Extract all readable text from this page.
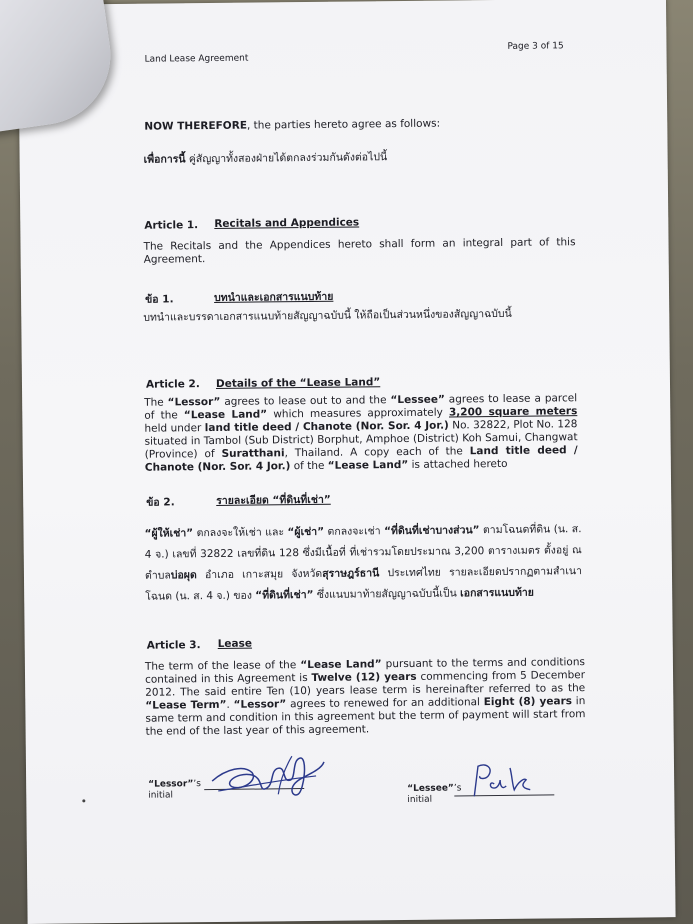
Land Lease Agreement
Page 3 of 15
NOW THEREFORE, the parties hereto agree as follows:
เพื่อการนี้ คู่สัญญาทั้งสองฝ่ายได้ตกลงร่วมกันดังต่อไปนี้
Article 1. Recitals and Appendices
The Recitals and the Appendices hereto shall form an integral part of this Agreement.
ข้อ 1.	บทนำและเอกสารแนบท้าย
บทนำและบรรดาเอกสารแนบท้ายสัญญาฉบับนี้ ให้ถือเป็นส่วนหนึ่งของสัญญาฉบับนี้
Article 2. Details of the “Lease Land”
The “Lessor” agrees to lease out to and the “Lessee” agrees to lease a parcel of the “Lease Land” which measures approximately 3,200 square meters held under land title deed / Chanote (Nor. Sor. 4 Jor.) No. 32822, Plot No. 128 situated in Tambol (Sub District) Borphut, Amphoe (District) Koh Samui, Changwat (Province) of Suratthani, Thailand. A copy each of the Land title deed / Chanote (Nor. Sor. 4 Jor.) of the “Lease Land” is attached hereto
ข้อ 2.	รายละเอียด “ที่ดินที่เช่า”
“ผู้ให้เช่า” ตกลงจะให้เช่า และ “ผู้เช่า” ตกลงจะเช่า “ที่ดินที่เช่าบางส่วน” ตามโฉนดที่ดิน (น. ส. 4 จ.) เลขที่ 32822 เลขที่ดิน 128 ซึ่งมีเนื้อที่ ที่เช่ารวมโดยประมาณ 3,200 ตารางเมตร ตั้งอยู่ ณ ตำบลบ่อผุด อำเภอ เกาะสมุย จังหวัดสุราษฎร์ธานี ประเทศไทย รายละเอียดปรากฏตามสำเนาโฉนด (น. ส. 4 จ.) ของ “ที่ดินที่เช่า” ซึ่งแนบมาท้ายสัญญาฉบับนี้เป็น เอกสารแนบท้าย
Article 3. Lease
The term of the lease of the “Lease Land” pursuant to the terms and conditions contained in this Agreement is Twelve (12) years commencing from 5 December 2012. The said entire Ten (10) years lease term is hereinafter referred to as the “Lease Term”. “Lessor” agrees to renewed for an additional Eight (8) years in same term and condition in this agreement but the term of payment will start from the end of the last year of this agreement.
“Lessor”’s
initial
“Lessee”’s
initial
